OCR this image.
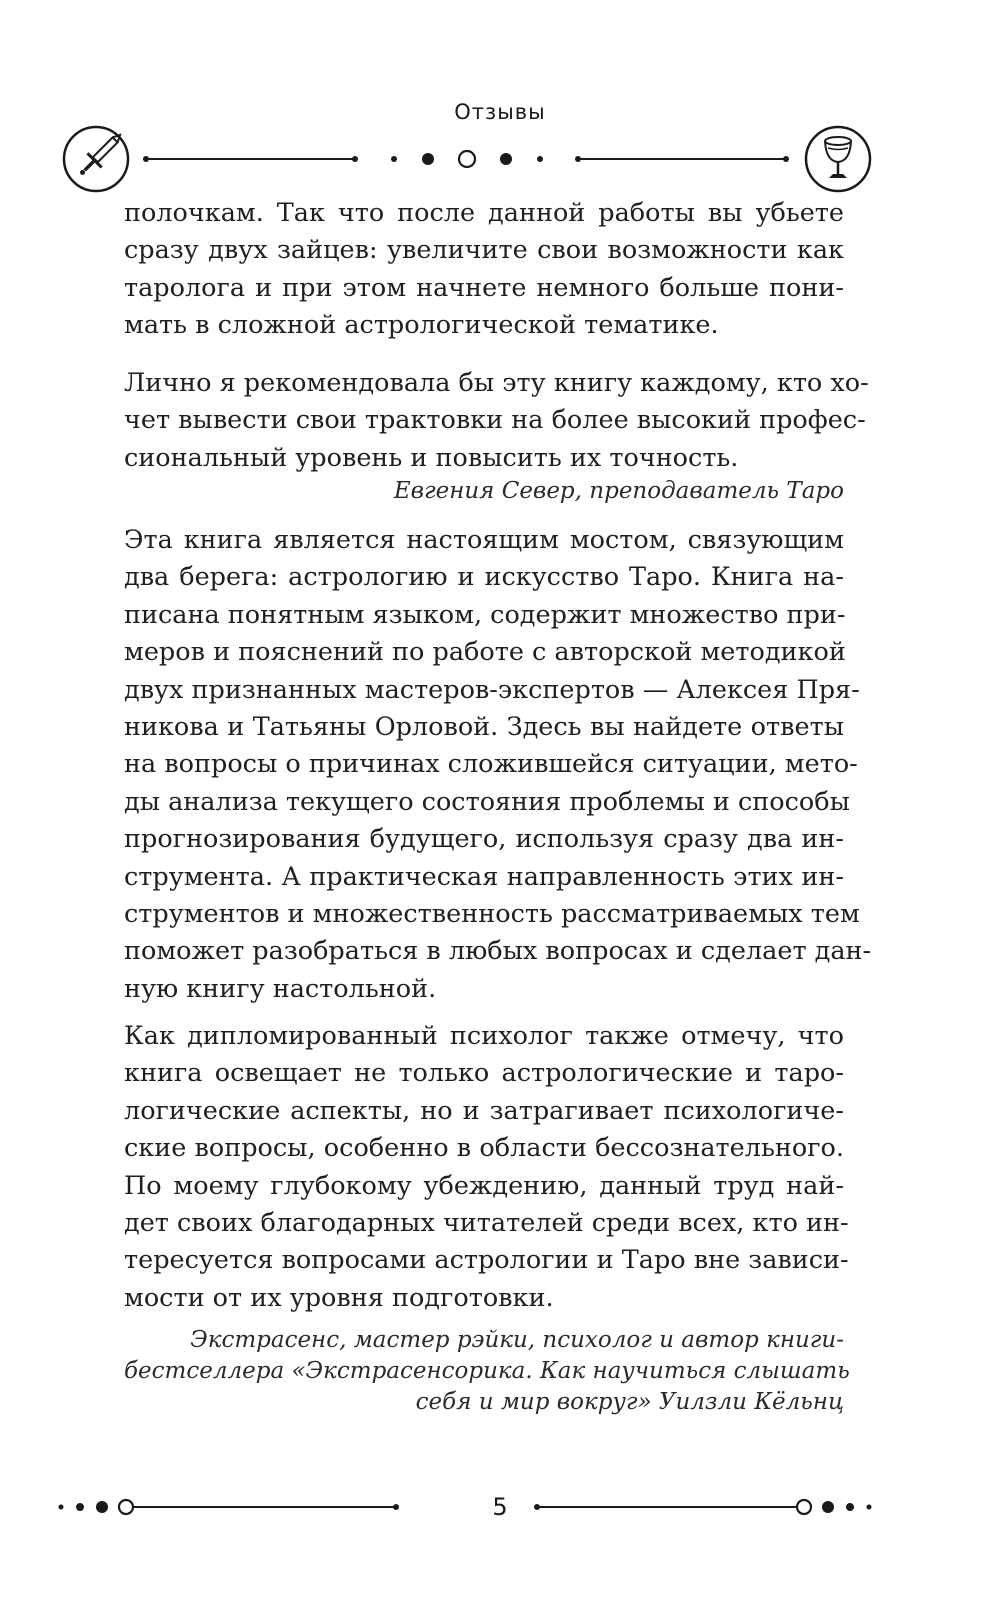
Отзывы
полочкам. Так что после данной работы вы убьете
сразу двух зайцев: увеличите свои возможности как
таролога и при этом начнете немного больше пони-
мать в сложной астрологической тематике.
Лично я рекомендовала бы эту книгу каждому, кто хо-
чет вывести свои трактовки на более высокий профес-
сиональный уровень и повысить их точность.
Евгения Север, преподаватель Таро
Эта книга является настоящим мостом, связующим
два берега: астрологию и искусство Таро. Книга на-
писана понятным языком, содержит множество при-
меров и пояснений по работе с авторской методикой
двух признанных мастеров-экспертов — Алексея Пря-
никова и Татьяны Орловой. Здесь вы найдете ответы
на вопросы о причинах сложившейся ситуации, мето-
ды анализа текущего состояния проблемы и способы
прогнозирования будущего, используя сразу два ин-
струмента. А практическая направленность этих ин-
струментов и множественность рассматриваемых тем
поможет разобраться в любых вопросах и сделает дан-
ную книгу настольной.
Как дипломированный психолог также отмечу, что
книга освещает не только астрологические и таро-
логические аспекты, но и затрагивает психологиче-
ские вопросы, особенно в области бессознательного.
По моему глубокому убеждению, данный труд най-
дет своих благодарных читателей среди всех, кто ин-
тересуется вопросами астрологии и Таро вне завиcи-
мости от их уровня подготовки.
Экстрасенс, мастер рэйки, психолог и автор книги-
бестселлера «Экстрасенсорика. Как научиться слышать
себя и мир вокруг» Уилзли Кёльнц
5
